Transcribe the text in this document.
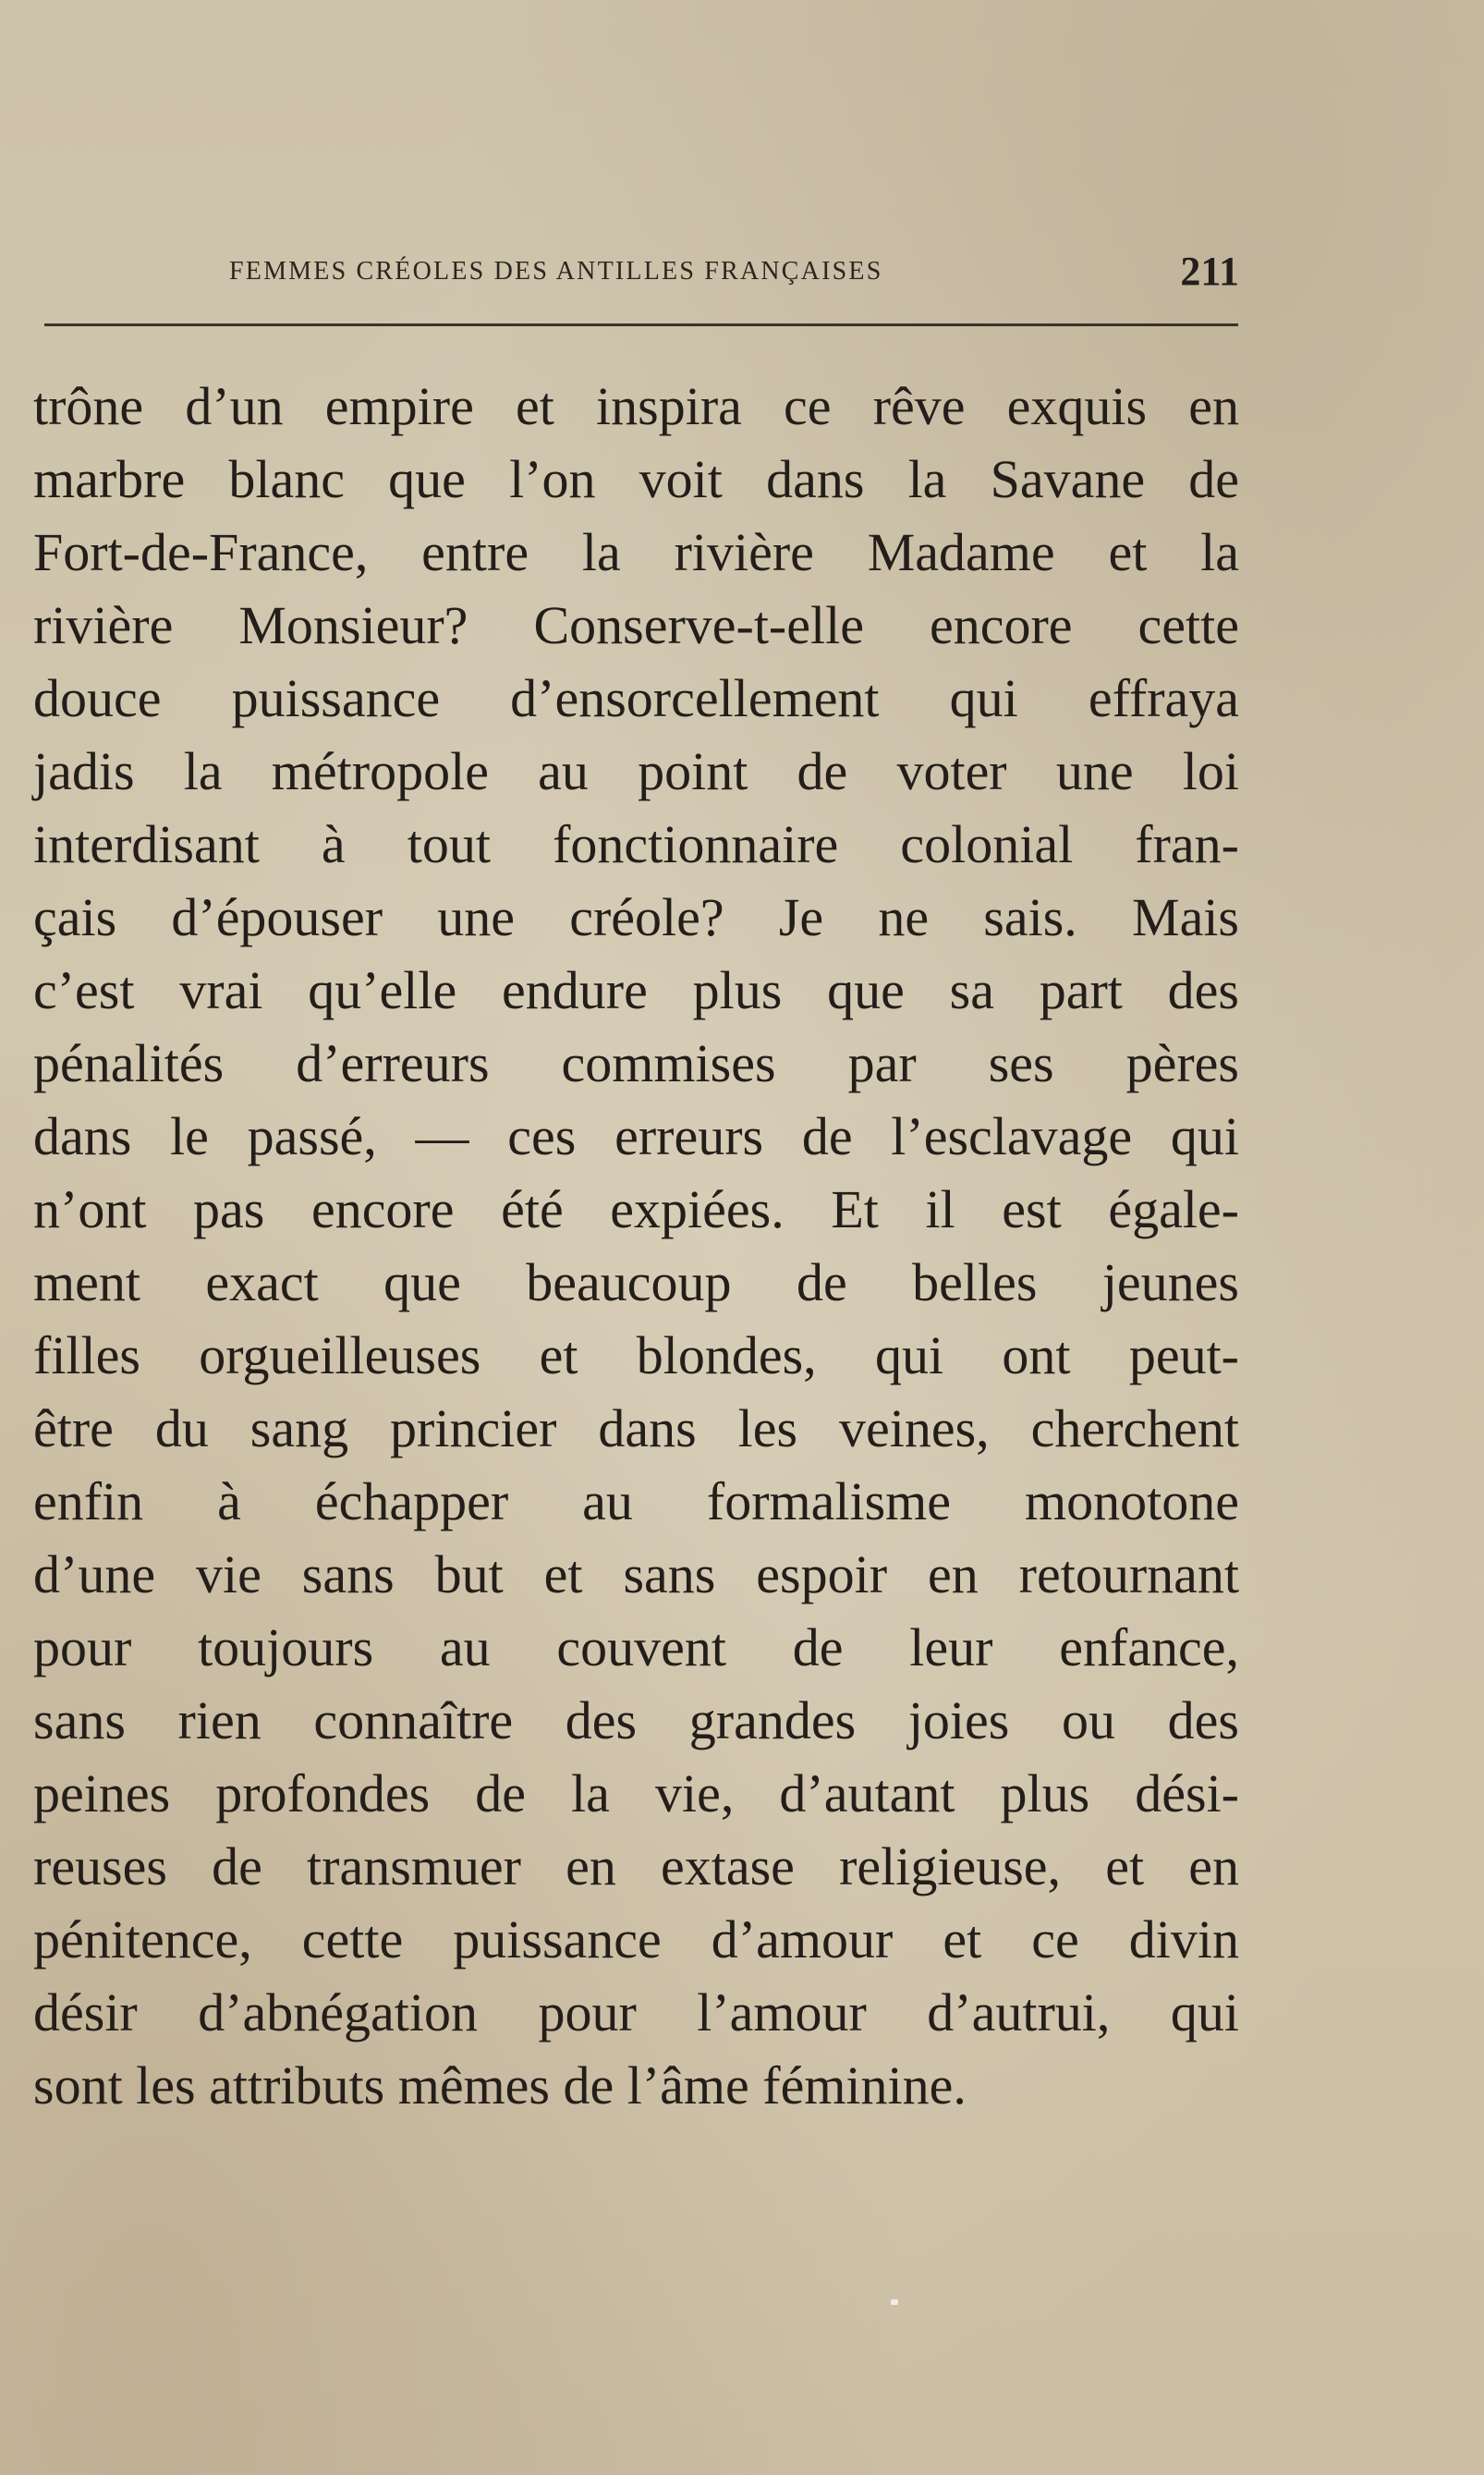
FEMMES CRÉOLES DES ANTILLES FRANÇAISES	211
trône d’un empire et inspira ce rêve exquis en
marbre blanc que l’on voit dans la Savane de
Fort-de-France, entre la rivière Madame et la
rivière Monsieur? Conserve-t-elle encore cette
douce puissance d’ensorcellement qui effraya
jadis la métropole au point de voter une loi
interdisant à tout fonctionnaire colonial fran-
çais d’épouser une créole? Je ne sais. Mais
c’est vrai qu’elle endure plus que sa part des
pénalités d’erreurs commises par ses pères
dans le passé, — ces erreurs de l’esclavage qui
n’ont pas encore été expiées. Et il est égale-
ment exact que beaucoup de belles jeunes
filles orgueilleuses et blondes, qui ont peut-
être du sang princier dans les veines, cherchent
enfin à échapper au formalisme monotone
d’une vie sans but et sans espoir en retournant
pour toujours au couvent de leur enfance,
sans rien connaître des grandes joies ou des
peines profondes de la vie, d’autant plus dési-
reuses de transmuer en extase religieuse, et en
pénitence, cette puissance d’amour et ce divin
désir d’abnégation pour l’amour d’autrui, qui
sont les attributs mêmes de l’âme féminine.
